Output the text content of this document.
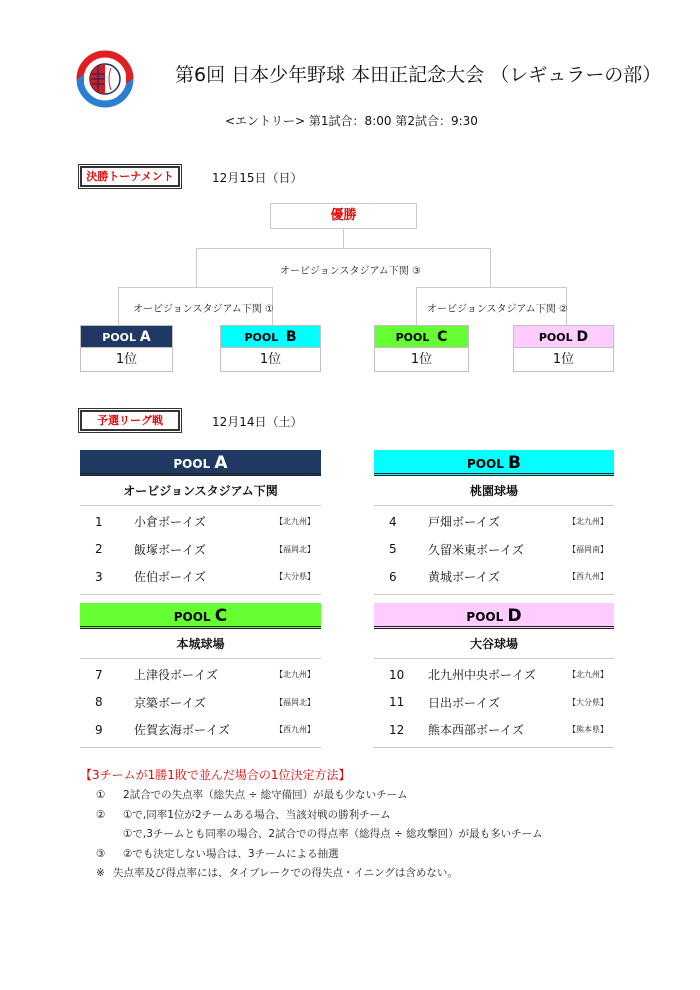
第6回 日本少年野球 本田正記念大会 （レギュラーの部）
<エントリー> 第1試合：8:00 第2試合：9:30
決勝トーナメント	12月15日（日）
優勝
オービジョンスタジアム下関 ③
オービジョンスタジアム下関 ①	オービジョンスタジアム下関 ②
POOL A
1位
POOL B
1位
POOL C
1位
POOL D
1位
予選リーグ戦	12月14日（土）
POOL A
オービジョンスタジアム下関
1	小倉ボーイズ	【北九州】
2	飯塚ボーイズ	【福岡北】
3	佐伯ボーイズ	【大分県】
POOL B
桃園球場
4	戸畑ボーイズ	【北九州】
5	久留米東ボーイズ	【福岡南】
6	黄城ボーイズ	【西九州】
POOL C
本城球場
7	上津役ボーイズ	【北九州】
8	京築ボーイズ	【福岡北】
9	佐賀玄海ボーイズ	【西九州】
POOL D
大谷球場
10	北九州中央ボーイズ	【北九州】
11	日出ボーイズ	【大分県】
12	熊本西部ボーイズ	【熊本県】
【3チームが1勝1敗で並んだ場合の1位決定方法】
① 2試合での失点率（総失点 ÷ 総守備回）が最も少ないチーム
② ①で,同率1位が2チームある場合、当該対戦の勝利チーム
①で,3チームとも同率の場合、2試合での得点率（総得点 ÷ 総攻撃回）が最も多いチーム
③ ②でも決定しない場合は、3チームによる抽選
※ 失点率及び得点率には、タイブレークでの得失点・イニングは含めない。
